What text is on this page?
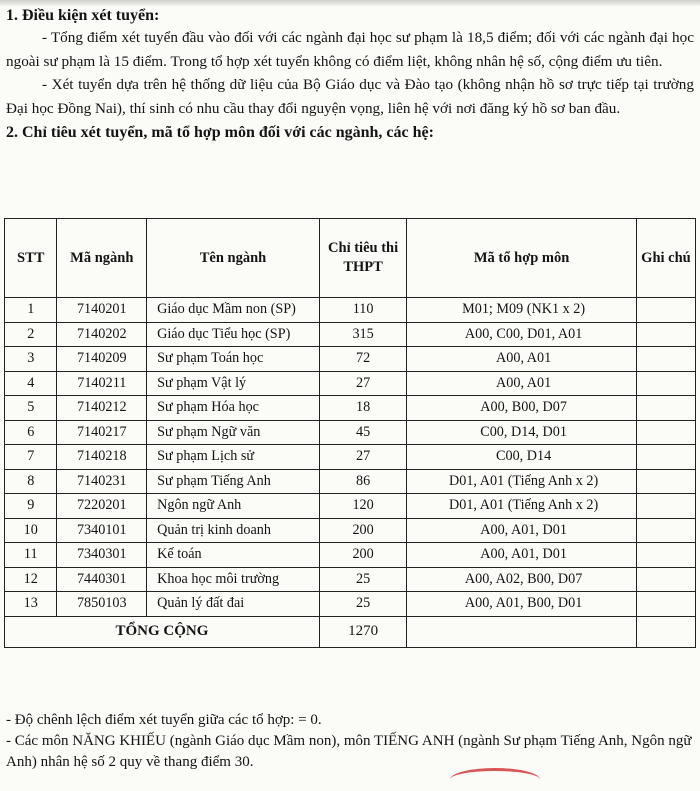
1. Điều kiện xét tuyển:

- Tổng điểm xét tuyển đầu vào đối với các ngành đại học sư phạm là 18,5 điểm; đối với các ngành đại học ngoài sư phạm là 15 điểm. Trong tổ hợp xét tuyển không có điểm liệt, không nhân hệ số, cộng điểm ưu tiên.

- Xét tuyển dựa trên hệ thống dữ liệu của Bộ Giáo dục và Đào tạo (không nhận hồ sơ trực tiếp tại trường Đại học Đồng Nai), thí sinh có nhu cầu thay đổi nguyện vọng, liên hệ với nơi đăng ký hồ sơ ban đầu.

2. Chỉ tiêu xét tuyển, mã tổ hợp môn đối với các ngành, các hệ:
STT	Mã ngành	Tên ngành	Chỉ tiêu thi THPT	Mã tổ hợp môn	Ghi chú
1	7140201	Giáo dục Mầm non (SP)	110	M01; M09 (NK1 x 2)	
2	7140202	Giáo dục Tiểu học (SP)	315	A00, C00, D01, A01	
3	7140209	Sư phạm Toán học	72	A00, A01	
4	7140211	Sư phạm Vật lý	27	A00, A01	
5	7140212	Sư phạm Hóa học	18	A00, B00, D07	
6	7140217	Sư phạm Ngữ văn	45	C00, D14, D01	
7	7140218	Sư phạm Lịch sử	27	C00, D14	
8	7140231	Sư phạm Tiếng Anh	86	D01, A01 (Tiếng Anh x 2)	
9	7220201	Ngôn ngữ Anh	120	D01, A01 (Tiếng Anh x 2)	
10	7340101	Quản trị kinh doanh	200	A00, A01, D01	
11	7340301	Kế toán	200	A00, A01, D01	
12	7440301	Khoa học môi trường	25	A00, A02, B00, D07	
13	7850103	Quản lý đất đai	25	A00, A01, B00, D01	
TỔNG CỘNG			1270		

- Độ chênh lệch điểm xét tuyển giữa các tổ hợp: = 0.

- Các môn NĂNG KHIẾU (ngành Giáo dục Mầm non), môn TIẾNG ANH (ngành Sư phạm Tiếng Anh, Ngôn ngữ Anh) nhân hệ số 2 quy về thang điểm 30.
